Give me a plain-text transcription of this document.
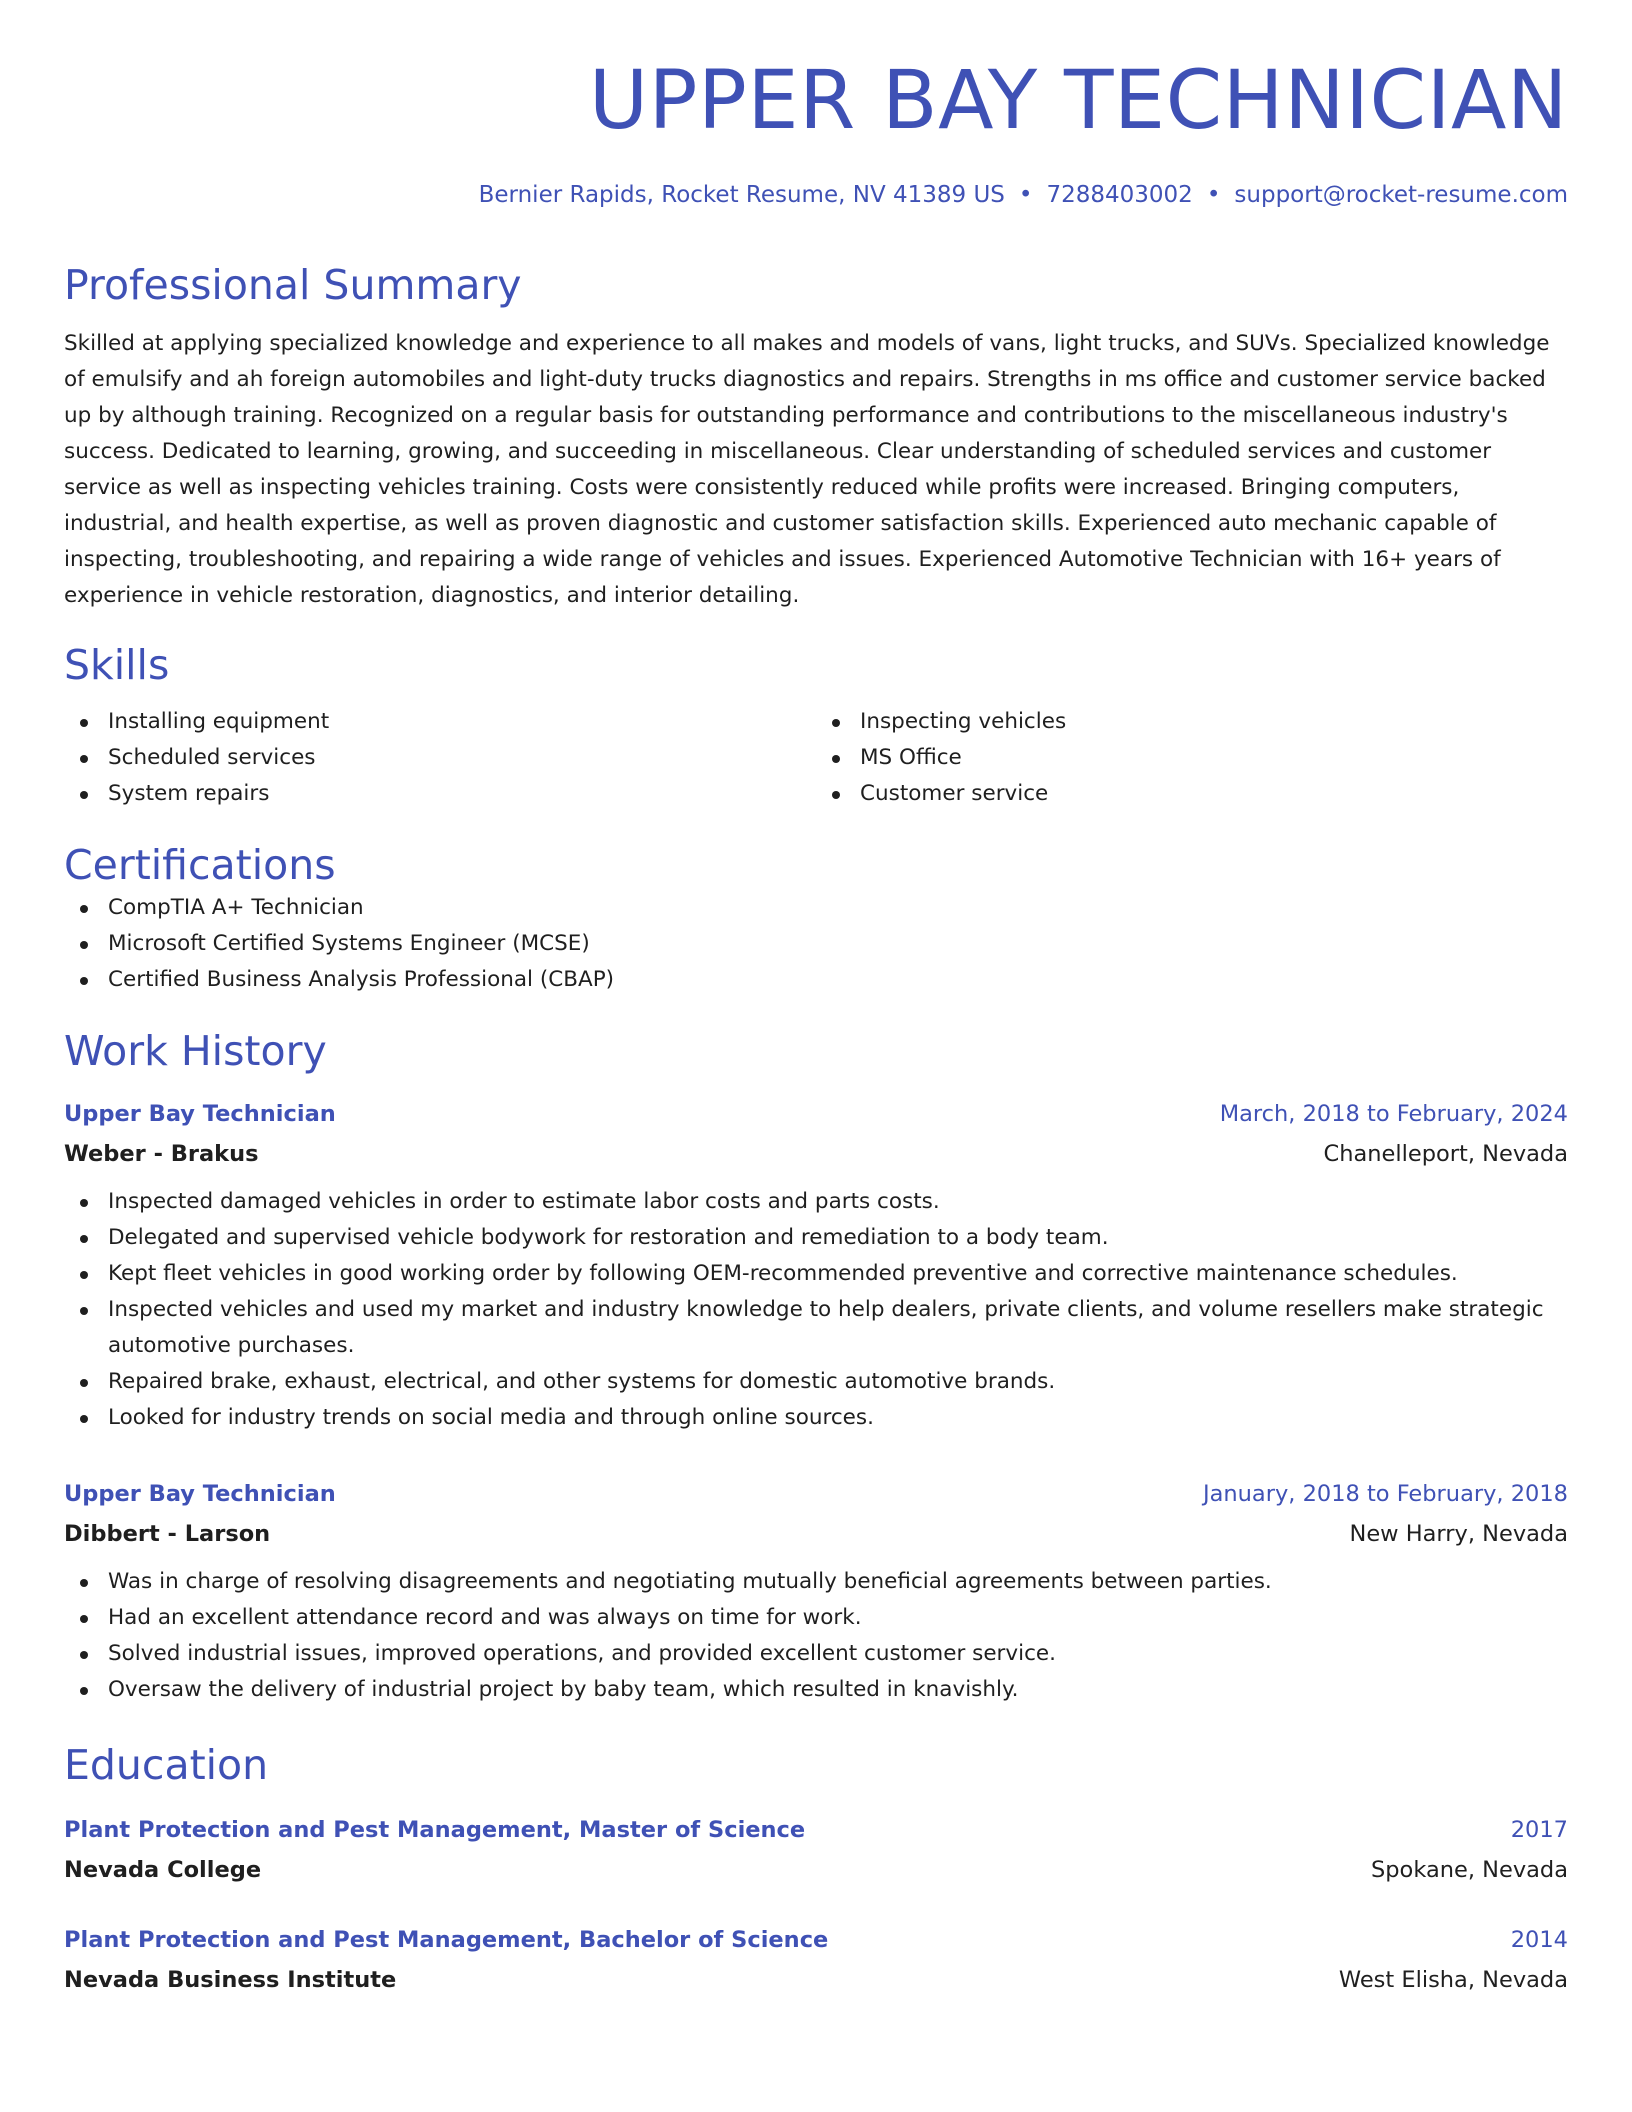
UPPER BAY TECHNICIAN
Bernier Rapids, Rocket Resume, NV 41389 US • 7288403002 • support@rocket-resume.com
Professional Summary

Skilled at applying specialized knowledge and experience to all makes and models of vans, light trucks, and SUVs. Specialized knowledge of emulsify and ah foreign automobiles and light-duty trucks diagnostics and repairs. Strengths in ms office and customer service backed up by although training. Recognized on a regular basis for outstanding performance and contributions to the miscellaneous industry's success. Dedicated to learning, growing, and succeeding in miscellaneous. Clear understanding of scheduled services and customer service as well as inspecting vehicles training. Costs were consistently reduced while profits were increased. Bringing computers, industrial, and health expertise, as well as proven diagnostic and customer satisfaction skills. Experienced auto mechanic capable of inspecting, troubleshooting, and repairing a wide range of vehicles and issues. Experienced Automotive Technician with 16+ years of experience in vehicle restoration, diagnostics, and interior detailing.

Skills
Installing equipment
Scheduled services
System repairs
Inspecting vehicles
MS Office
Customer service
Certifications
CompTIA A+ Technician
Microsoft Certified Systems Engineer (MCSE)
Certified Business Analysis Professional (CBAP)
Work History
Upper Bay Technician	March, 2018 to February, 2024
Weber - Brakus	Chanelleport, Nevada
Inspected damaged vehicles in order to estimate labor costs and parts costs.
Delegated and supervised vehicle bodywork for restoration and remediation to a body team.
Kept fleet vehicles in good working order by following OEM-recommended preventive and corrective maintenance schedules.
Inspected vehicles and used my market and industry knowledge to help dealers, private clients, and volume resellers make strategic automotive purchases.
Repaired brake, exhaust, electrical, and other systems for domestic automotive brands.
Looked for industry trends on social media and through online sources.
Upper Bay Technician	January, 2018 to February, 2018
Dibbert - Larson	New Harry, Nevada
Was in charge of resolving disagreements and negotiating mutually beneficial agreements between parties.
Had an excellent attendance record and was always on time for work.
Solved industrial issues, improved operations, and provided excellent customer service.
Oversaw the delivery of industrial project by baby team, which resulted in knavishly.
Education
Plant Protection and Pest Management, Master of Science	2017
Nevada College	Spokane, Nevada
Plant Protection and Pest Management, Bachelor of Science	2014
Nevada Business Institute	West Elisha, Nevada
